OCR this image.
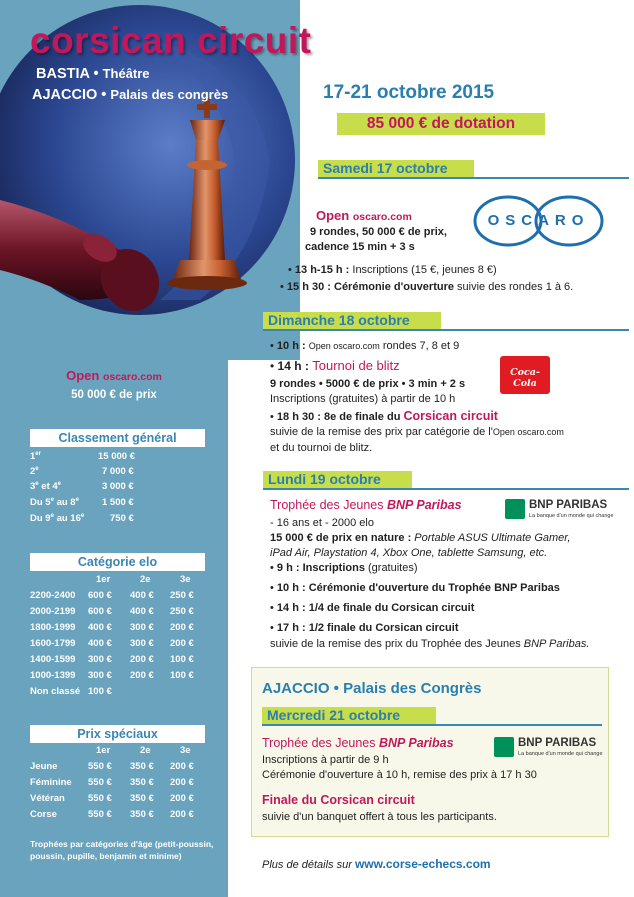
corsican circuit
BASTIA • Théâtre
AJACCIO • Palais des congrès
Open oscaro.com
50 000 € de prix
Classement général
1er	15 000 €
2e	7 000 €
3e et 4e	3 000 €
Du 5e au 8e 1 500 €
Du 9e au 16e	750 €
Catégorie elo
1er	2e	3e
2200-2400 600 € 400 € 250 €
2000-2199 600 € 400 € 250 €
1800-1999 400 € 300 € 200 €
1600-1799 400 € 300 € 200 €
1400-1599 300 € 200 € 100 €
1000-1399 300 € 200 € 100 €
Non classé 100 €
Prix spéciaux
1er	2e	3e
Jeune	550 € 350 € 200 €
Féminine 550 € 350 € 200 €
Vétéran 550 € 350 € 200 €
Corse	550 € 350 € 200 €
Trophées par catégories d'âge (petit-poussin, poussin, pupille, benjamin et minime)
17-21 octobre 2015
85 000 € de dotation
Samedi 17 octobre
Open oscaro.com
9 rondes, 50 000 € de prix,
cadence 15 min + 3 s
OSCARO
• 13 h-15 h : Inscriptions (15 €, jeunes 8 €)
• 15 h 30 : Cérémonie d'ouverture suivie des rondes 1 à 6.
Dimanche 18 octobre
• 10 h : Open oscaro.com rondes 7, 8 et 9
• 14 h : Tournoi de blitz
9 rondes • 5000 € de prix • 3 min + 2 s
Inscriptions (gratuites) à partir de 10 h
Coca-Cola
• 18 h 30 : 8e de finale du Corsican circuit
suivie de la remise des prix par catégorie de l'Open oscaro.com
et du tournoi de blitz.
Lundi 19 octobre
Trophée des Jeunes BNP Paribas	BNP PARIBAS
La banque d'un monde qui change
- 16 ans et - 2000 elo
15 000 € de prix en nature : Portable ASUS Ultimate Gamer,
iPad Air, Playstation 4, Xbox One, tablette Samsung, etc.
• 9 h : Inscriptions (gratuites)
• 10 h : Cérémonie d'ouverture du Trophée BNP Paribas
• 14 h : 1/4 de finale du Corsican circuit
• 17 h : 1/2 finale du Corsican circuit
suivie de la remise des prix du Trophée des Jeunes BNP Paribas.
AJACCIO • Palais des Congrès
Mercredi 21 octobre
Trophée des Jeunes BNP Paribas	BNP PARIBAS
La banque d'un monde qui change
Inscriptions à partir de 9 h
Cérémonie d'ouverture à 10 h, remise des prix à 17 h 30
Finale du Corsican circuit
suivie d'un banquet offert à tous les participants.
Plus de détails sur www.corse-echecs.com
